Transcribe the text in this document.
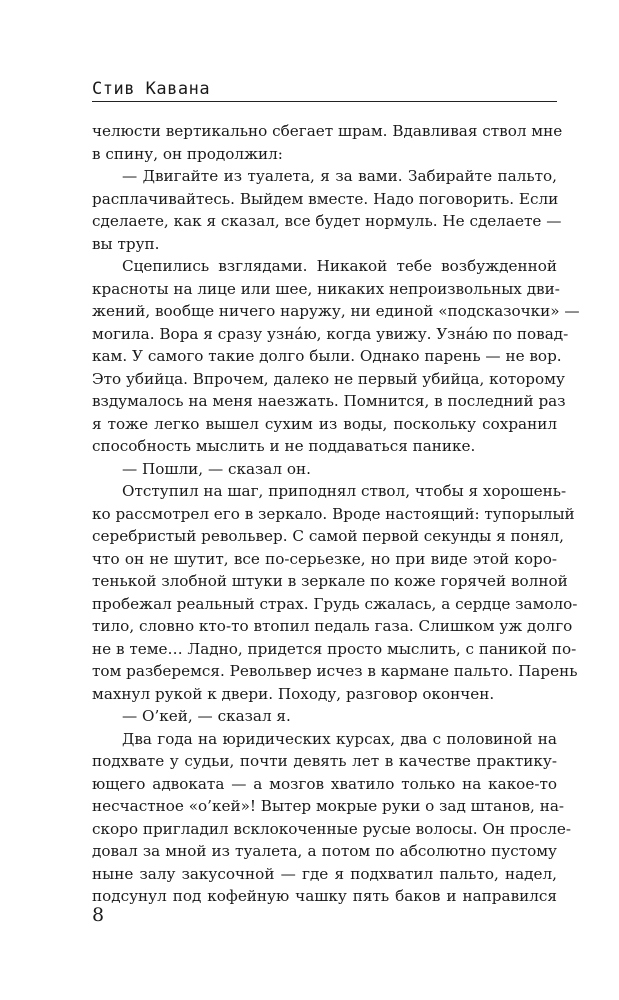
Стив Кавана
челюсти вертикально сбегает шрам. Вдавливая ствол мне
в спину, он продолжил:
— Двигайте из туалета, я за вами. Забирайте пальто,
расплачивайтесь. Выйдем вместе. Надо поговорить. Если
сделаете, как я сказал, все будет нормуль. Не сделаете —
вы труп.
Сцепились взглядами. Никакой тебе возбужденной
красноты на лице или шее, никаких непроизвольных дви-
жений, вообще ничего наружу, ни единой «подсказочки» —
могила. Вора я сразу узна́ю, когда увижу. Узна́ю по повад-
кам. У самого такие долго были. Однако парень — не вор.
Это убийца. Впрочем, далеко не первый убийца, которому
вздумалось на меня наезжать. Помнится, в последний раз
я тоже легко вышел сухим из воды, поскольку сохранил
способность мыслить и не поддаваться панике.
— Пошли, — сказал он.
Отступил на шаг, приподнял ствол, чтобы я хорошень-
ко рассмотрел его в зеркало. Вроде настоящий: тупорылый
серебристый револьвер. С самой первой секунды я понял,
что он не шутит, все по-серьезке, но при виде этой коро-
тенькой злобной штуки в зеркале по коже горячей волной
пробежал реальный страх. Грудь сжалась, а сердце замоло-
тило, словно кто-то втопил педаль газа. Слишком уж долго
не в теме… Ладно, придется просто мыслить, с паникой по-
том разберемся. Револьвер исчез в кармане пальто. Парень
махнул рукой к двери. Походу, разговор окончен.
— О’кей, — сказал я.
Два года на юридических курсах, два с половиной на
подхвате у судьи, почти девять лет в качестве практику-
ющего адвоката — а мозгов хватило только на какое-то
несчастное «о’кей»! Вытер мокрые руки о зад штанов, на-
скоро пригладил всклокоченные русые волосы. Он просле-
довал за мной из туалета, а потом по абсолютно пустому
ныне залу закусочной — где я подхватил пальто, надел,
подсунул под кофейную чашку пять баков и направился
8
